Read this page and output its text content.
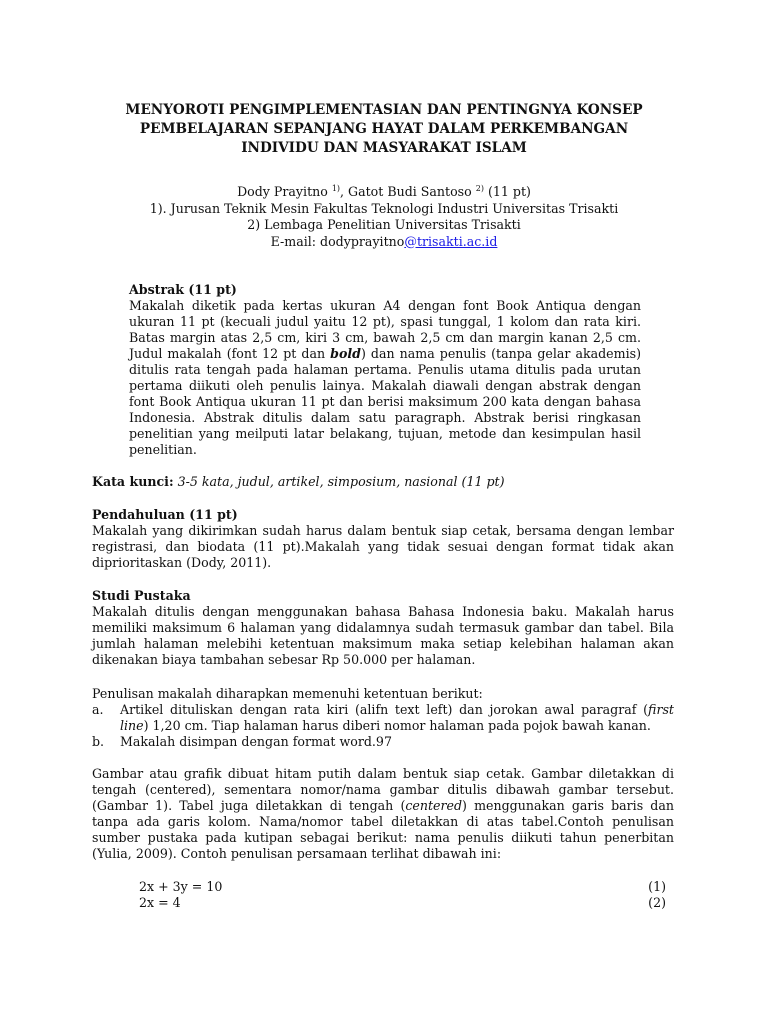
MENYOROTI PENGIMPLEMENTASIAN DAN PENTINGNYA KONSEP
PEMBELAJARAN SEPANJANG HAYAT DALAM PERKEMBANGAN
INDIVIDU DAN MASYARAKAT ISLAM
Dody Prayitno $^{1)}$, Gatot Budi Santoso $^{2)}$ (11 pt)
1). Jurusan Teknik Mesin Fakultas Teknologi Industri Universitas Trisakti
2) Lembaga Penelitian Universitas Trisakti
E-mail: dodyprayitno@trisakti.ac.id
Abstrak (11 pt)
Makalah diketik pada kertas ukuran A4 dengan font Book Antiqua dengan ukuran 11 pt (kecuali judul yaitu 12 pt), spasi tunggal, 1 kolom dan rata kiri. Batas margin atas 2,5 cm, kiri 3 cm, bawah 2,5 cm dan margin kanan 2,5 cm. Judul makalah (font 12 pt dan bold) dan nama penulis (tanpa gelar akademis) ditulis rata tengah pada halaman pertama. Penulis utama ditulis pada urutan pertama diikuti oleh penulis lainya. Makalah diawali dengan abstrak dengan font Book Antiqua ukuran 11 pt dan berisi maksimum 200 kata dengan bahasa Indonesia. Abstrak ditulis dalam satu paragraph. Abstrak berisi ringkasan penelitian yang meilputi latar belakang, tujuan, metode dan kesimpulan hasil penelitian.
Kata kunci: 3-5 kata, judul, artikel, simposium, nasional (11 pt)
Pendahuluan (11 pt)
Makalah yang dikirimkan sudah harus dalam bentuk siap cetak, bersama dengan lembar registrasi, dan biodata (11 pt).Makalah yang tidak sesuai dengan format tidak akan diprioritaskan (Dody, 2011).
Studi Pustaka
Makalah ditulis dengan menggunakan bahasa Bahasa Indonesia baku. Makalah harus memiliki maksimum 6 halaman yang didalamnya sudah termasuk gambar dan tabel. Bila jumlah halaman melebihi ketentuan maksimum maka setiap kelebihan halaman akan dikenakan biaya tambahan sebesar Rp 50.000 per halaman.
Penulisan makalah diharapkan memenuhi ketentuan berikut:
a.	Artikel dituliskan dengan rata kiri (alifn text left) dan jorokan awal paragraf (first line) 1,20 cm. Tiap halaman harus diberi nomor halaman pada pojok bawah kanan.
b.	Makalah disimpan dengan format word.97
Gambar atau grafik dibuat hitam putih dalam bentuk siap cetak. Gambar diletakkan di tengah (centered), sementara nomor/nama gambar ditulis dibawah gambar tersebut. (Gambar 1). Tabel juga diletakkan di tengah (centered) menggunakan garis baris dan tanpa ada garis kolom. Nama/nomor tabel diletakkan di atas tabel.Contoh penulisan sumber pustaka pada kutipan sebagai berikut: nama penulis diikuti tahun penerbitan (Yulia, 2009). Contoh penulisan persamaan terlihat dibawah ini:
2x + 3y = 10	(1)
2x = 4	(2)
